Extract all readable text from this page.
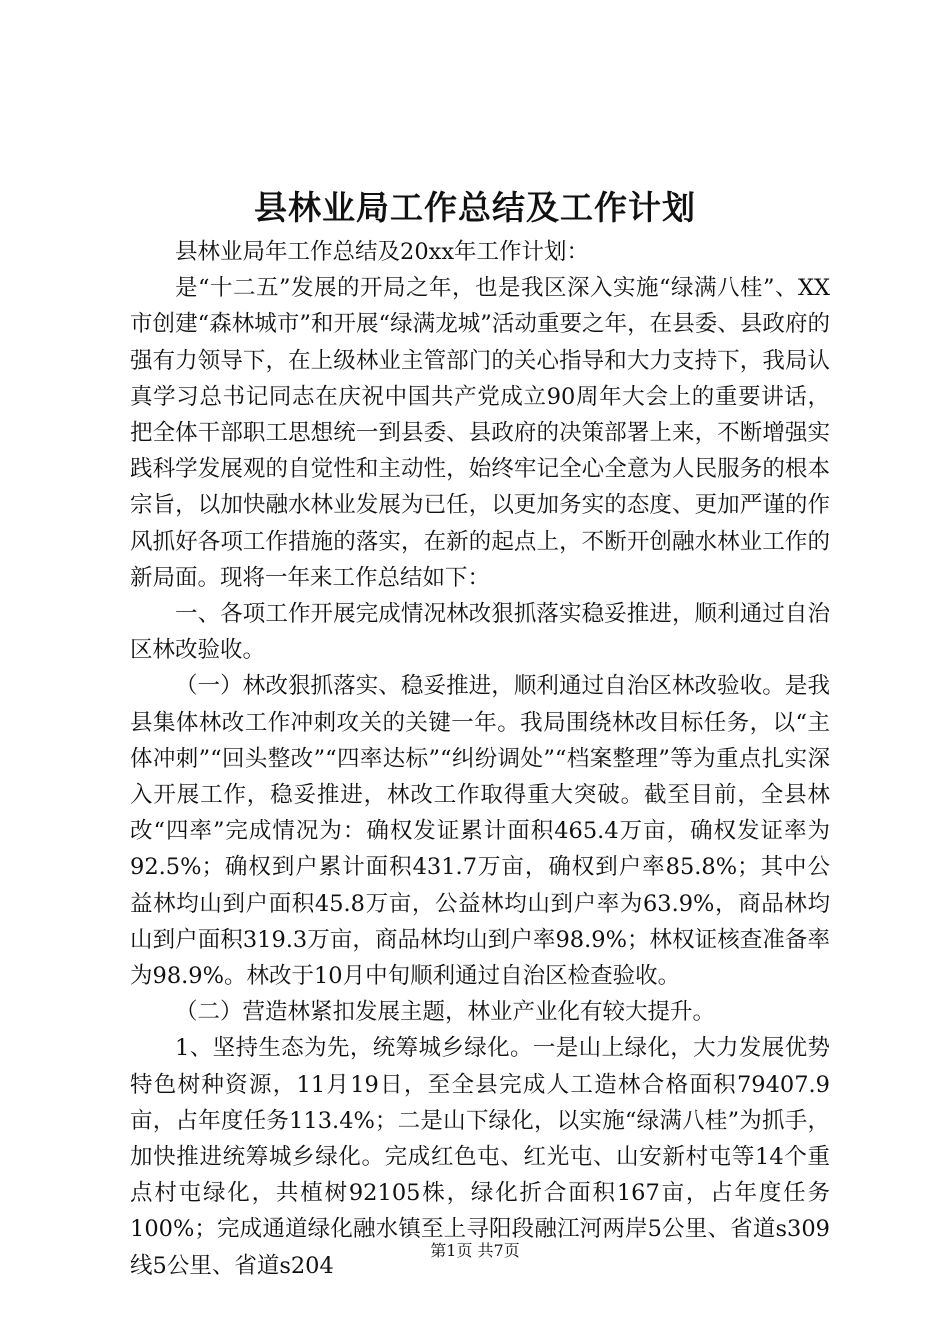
县林业局工作总结及工作计划

县林业局年工作总结及20xx年工作计划：

是“十二五”发展的开局之年，也是我区深入实施“绿满八桂”、XX市创建“森林城市”和开展“绿满龙城”活动重要之年，在县委、县政府的强有力领导下，在上级林业主管部门的关心指导和大力支持下，我局认真学习总书记同志在庆祝中国共产党成立90周年大会上的重要讲话，把全体干部职工思想统一到县委、县政府的决策部署上来，不断增强实践科学发展观的自觉性和主动性，始终牢记全心全意为人民服务的根本宗旨，以加快融水林业发展为已任，以更加务实的态度、更加严谨的作风抓好各项工作措施的落实，在新的起点上，不断开创融水林业工作的新局面。现将一年来工作总结如下：

一、各项工作开展完成情况林改狠抓落实稳妥推进，顺利通过自治区林改验收。

（一）林改狠抓落实、稳妥推进，顺利通过自治区林改验收。是我县集体林改工作冲刺攻关的关键一年。我局围绕林改目标任务，以“主体冲刺”“回头整改”“四率达标”“纠纷调处”“档案整理”等为重点扎实深入开展工作，稳妥推进，林改工作取得重大突破。截至目前，全县林改“四率”完成情况为：确权发证累计面积465.4万亩，确权发证率为92.5%；确权到户累计面积431.7万亩，确权到户率85.8%；其中公益林均山到户面积45.8万亩，公益林均山到户率为63.9%，商品林均山到户面积319.3万亩，商品林均山到户率98.9%；林权证核查准备率为98.9%。林改于10月中旬顺利通过自治区检查验收。

（二）营造林紧扣发展主题，林业产业化有较大提升。

1、坚持生态为先，统筹城乡绿化。一是山上绿化，大力发展优势特色树种资源，11月19日，至全县完成人工造林合格面积79407.9亩，占年度任务113.4%；二是山下绿化，以实施“绿满八桂”为抓手，加快推进统筹城乡绿化。完成红色屯、红光屯、山安新村屯等14个重点村屯绿化，共植树92105株，绿化折合面积167亩，占年度任务100%；完成通道绿化融水镇至上寻阳段融江河两岸5公里、省道s309线5公里、省道s204

第1页 共7页
